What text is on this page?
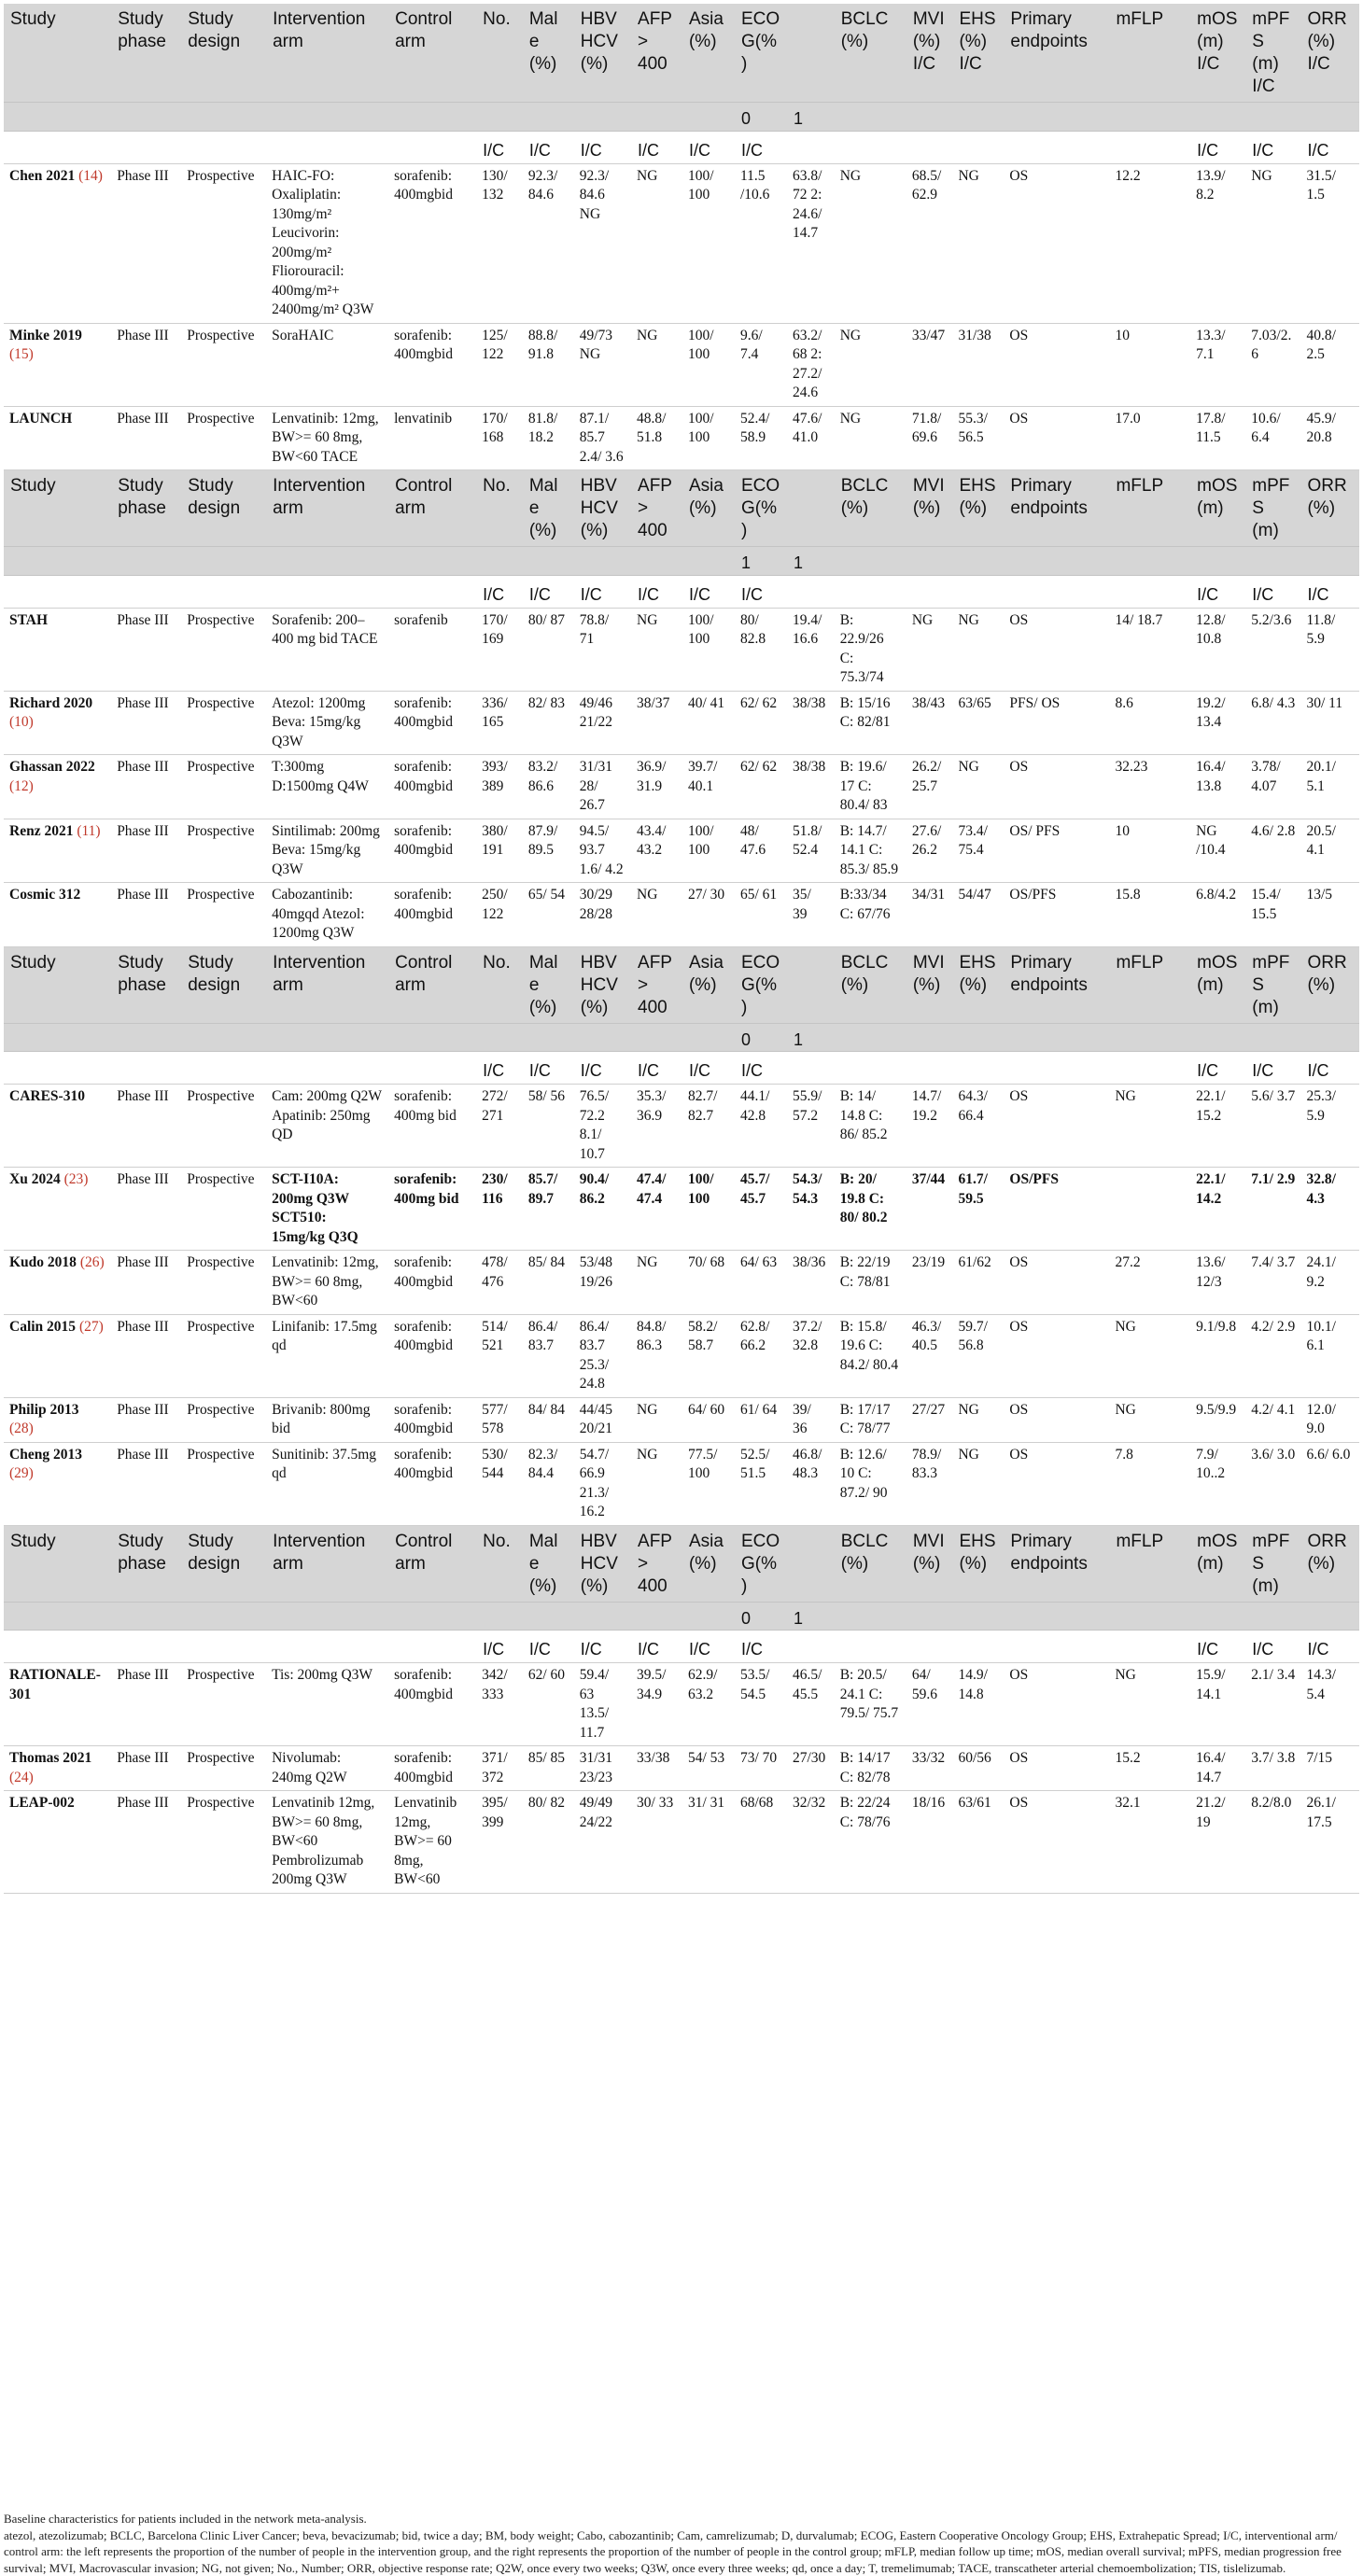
Study	Study phase	Study design	Intervention arm	Control arm	No.	Male (%)	HBV HCV (%)	AFP> 400	Asia (%)	ECOG(%)		BCLC (%)	MVI (%) I/C	EHS (%) I/C	Primary endpoints	mFLP	mOS (m) I/C	mPFS (m) I/C	ORR (%) I/C
										0	1								
					I/C	I/C	I/C	I/C	I/C	I/C							I/C	I/C	I/C
Chen 2021 (14)	Phase III	Prospective	HAIC-FO: Oxaliplatin: 130mg/m² Leucivorin: 200mg/m² Fliorouracil: 400mg/m²+ 2400mg/m² Q3W	sorafenib: 400mgbid	130/ 132	92.3/ 84.6	92.3/ 84.6 NG	NG	100/ 100	11.5 /10.6	63.8/ 72 2: 24.6/ 14.7	NG	68.5/ 62.9	NG	OS	12.2	13.9/ 8.2	NG	31.5/ 1.5
Minke 2019 (15)	Phase III	Prospective	SoraHAIC	sorafenib: 400mgbid	125/ 122	88.8/ 91.8	49/73 NG	NG	100/ 100	9.6/ 7.4	63.2/ 68 2: 27.2/ 24.6	NG	33/47	31/38	OS	10	13.3/ 7.1	7.03/2.6	40.8/ 2.5
LAUNCH	Phase III	Prospective	Lenvatinib: 12mg, BW>= 60 8mg, BW<60 TACE	lenvatinib	170/ 168	81.8/ 18.2	87.1/ 85.7 2.4/ 3.6	48.8/ 51.8	100/ 100	52.4/ 58.9	47.6/ 41.0	NG	71.8/ 69.6	55.3/ 56.5	OS	17.0	17.8/ 11.5	10.6/ 6.4	45.9/ 20.8
Study	Study phase	Study design	Intervention arm	Control arm	No.	Male (%)	HBV HCV (%)	AFP> 400	Asia (%)	ECOG(%)		BCLC (%)	MVI (%)	EHS (%)	Primary endpoints	mFLP	mOS (m)	mPFS (m)	ORR (%)
										1	1								
					I/C	I/C	I/C	I/C	I/C	I/C							I/C	I/C	I/C
STAH	Phase III	Prospective	Sorafenib: 200– 400 mg bid TACE	sorafenib	170/ 169	80/ 87	78.8/ 71	NG	100/ 100	80/ 82.8	19.4/ 16.6	B: 22.9/26 C: 75.3/74	NG	NG	OS	14/ 18.7	12.8/ 10.8	5.2/3.6	11.8/ 5.9
Richard 2020 (10)	Phase III	Prospective	Atezol: 1200mg Beva: 15mg/kg Q3W	sorafenib: 400mgbid	336/ 165	82/ 83	49/46 21/22	38/37	40/ 41	62/ 62	38/38	B: 15/16 C: 82/81	38/43	63/65	PFS/ OS	8.6	19.2/ 13.4	6.8/ 4.3	30/ 11
Ghassan 2022 (12)	Phase III	Prospective	T:300mg D:1500mg Q4W	sorafenib: 400mgbid	393/ 389	83.2/ 86.6	31/31 28/ 26.7	36.9/ 31.9	39.7/ 40.1	62/ 62	38/38	B: 19.6/ 17 C: 80.4/ 83	26.2/ 25.7	NG	OS	32.23	16.4/ 13.8	3.78/ 4.07	20.1/ 5.1
Renz 2021 (11)	Phase III	Prospective	Sintilimab: 200mg Beva: 15mg/kg Q3W	sorafenib: 400mgbid	380/ 191	87.9/ 89.5	94.5/ 93.7 1.6/ 4.2	43.4/ 43.2	100/ 100	48/ 47.6	51.8/ 52.4	B: 14.7/ 14.1 C: 85.3/ 85.9	27.6/ 26.2	73.4/ 75.4	OS/ PFS	10	NG /10.4	4.6/ 2.8	20.5/ 4.1
Cosmic 312	Phase III	Prospective	Cabozantinib: 40mgqd Atezol: 1200mg Q3W	sorafenib: 400mgbid	250/ 122	65/ 54	30/29 28/28	NG	27/ 30	65/ 61	35/ 39	B:33/34 C: 67/76	34/31	54/47	OS/PFS	15.8	6.8/4.2	15.4/ 15.5	13/5
Study	Study phase	Study design	Intervention arm	Control arm	No.	Male (%)	HBV HCV (%)	AFP> 400	Asia (%)	ECOG(%)		BCLC (%)	MVI (%)	EHS (%)	Primary endpoints	mFLP	mOS (m)	mPFS (m)	ORR (%)
										0	1								
					I/C	I/C	I/C	I/C	I/C	I/C							I/C	I/C	I/C
CARES-310	Phase III	Prospective	Cam: 200mg Q2W Apatinib: 250mg QD	sorafenib: 400mg bid	272/ 271	58/ 56	76.5/ 72.2 8.1/ 10.7	35.3/ 36.9	82.7/ 82.7	44.1/ 42.8	55.9/ 57.2	B: 14/ 14.8 C: 86/ 85.2	14.7/ 19.2	64.3/ 66.4	OS	NG	22.1/ 15.2	5.6/ 3.7	25.3/ 5.9
Xu 2024 (23)	Phase III	Prospective	SCT-I10A: 200mg Q3W SCT510: 15mg/kg Q3Q	sorafenib: 400mg bid	230/ 116	85.7/ 89.7	90.4/ 86.2	47.4/ 47.4	100/ 100	45.7/ 45.7	54.3/ 54.3	B: 20/ 19.8 C: 80/ 80.2	37/44	61.7/ 59.5	OS/PFS		22.1/ 14.2	7.1/ 2.9	32.8/ 4.3
Kudo 2018 (26)	Phase III	Prospective	Lenvatinib: 12mg, BW>= 60 8mg, BW<60	sorafenib: 400mgbid	478/ 476	85/ 84	53/48 19/26	NG	70/ 68	64/ 63	38/36	B: 22/19 C: 78/81	23/19	61/62	OS	27.2	13.6/ 12/3	7.4/ 3.7	24.1/ 9.2
Calin 2015 (27)	Phase III	Prospective	Linifanib: 17.5mg qd	sorafenib: 400mgbid	514/ 521	86.4/ 83.7	86.4/ 83.7 25.3/ 24.8	84.8/ 86.3	58.2/ 58.7	62.8/ 66.2	37.2/ 32.8	B: 15.8/ 19.6 C: 84.2/ 80.4	46.3/ 40.5	59.7/ 56.8	OS	NG	9.1/9.8	4.2/ 2.9	10.1/ 6.1
Philip 2013 (28)	Phase III	Prospective	Brivanib: 800mg bid	sorafenib: 400mgbid	577/ 578	84/ 84	44/45 20/21	NG	64/ 60	61/ 64	39/ 36	B: 17/17 C: 78/77	27/27	NG	OS	NG	9.5/9.9	4.2/ 4.1	12.0/ 9.0
Cheng 2013 (29)	Phase III	Prospective	Sunitinib: 37.5mg qd	sorafenib: 400mgbid	530/ 544	82.3/ 84.4	54.7/ 66.9 21.3/ 16.2	NG	77.5/ 100	52.5/ 51.5	46.8/ 48.3	B: 12.6/ 10 C: 87.2/ 90	78.9/ 83.3	NG	OS	7.8	7.9/ 10..2	3.6/ 3.0	6.6/ 6.0
Study	Study phase	Study design	Intervention arm	Control arm	No.	Male (%)	HBV HCV (%)	AFP> 400	Asia (%)	ECOG(%)		BCLC (%)	MVI (%)	EHS (%)	Primary endpoints	mFLP	mOS (m)	mPFS (m)	ORR (%)
										0	1								
					I/C	I/C	I/C	I/C	I/C	I/C							I/C	I/C	I/C
RATIONALE- 301	Phase III	Prospective	Tis: 200mg Q3W	sorafenib: 400mgbid	342/ 333	62/ 60	59.4/ 63 13.5/ 11.7	39.5/ 34.9	62.9/ 63.2	53.5/ 54.5	46.5/ 45.5	B: 20.5/ 24.1 C: 79.5/ 75.7	64/ 59.6	14.9/ 14.8	OS	NG	15.9/ 14.1	2.1/ 3.4	14.3/ 5.4
Thomas 2021 (24)	Phase III	Prospective	Nivolumab: 240mg Q2W	sorafenib: 400mgbid	371/ 372	85/ 85	31/31 23/23	33/38	54/ 53	73/ 70	27/30	B: 14/17 C: 82/78	33/32	60/56	OS	15.2	16.4/ 14.7	3.7/ 3.8	7/15
LEAP-002	Phase III	Prospective	Lenvatinib 12mg, BW>= 60 8mg, BW<60 Pembrolizumab 200mg Q3W	Lenvatinib 12mg, BW>= 60 8mg, BW<60	395/ 399	80/ 82	49/49 24/22	30/ 33	31/ 31	68/68	32/32	B: 22/24 C: 78/76	18/16	63/61	OS	32.1	21.2/ 19	8.2/8.0	26.1/ 17.5

Baseline characteristics for patients included in the network meta-analysis.

atezol, atezolizumab; BCLC, Barcelona Clinic Liver Cancer; beva, bevacizumab; bid, twice a day; BM, body weight; Cabo, cabozantinib; Cam, camrelizumab; D, durvalumab; ECOG, Eastern Cooperative Oncology Group; EHS, Extrahepatic Spread; I/C, interventional arm/ control arm: the left represents the proportion of the number of people in the intervention group, and the right represents the proportion of the number of people in the control group; mFLP, median follow up time; mOS, median overall survival; mPFS, median progression free survival; MVI, Macrovascular invasion; NG, not given; No., Number; ORR, objective response rate; Q2W, once every two weeks; Q3W, once every three weeks; qd, once a day; T, tremelimumab; TACE, transcatheter arterial chemoembolization; TIS, tislelizumab.
